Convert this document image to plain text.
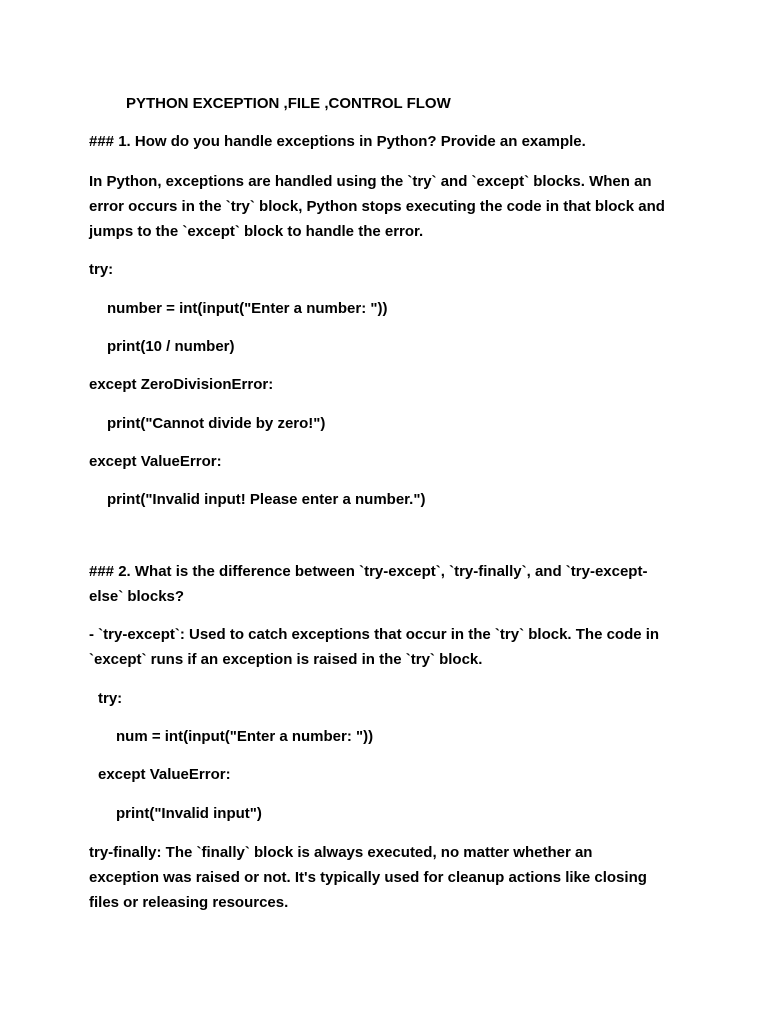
PYTHON EXCEPTION ,FILE ,CONTROL FLOW

### 1. How do you handle exceptions in Python? Provide an example.

In Python, exceptions are handled using the `try` and `except` blocks. When an

error occurs in the `try` block, Python stops executing the code in that block and

jumps to the `except` block to handle the error.

try:

number = int(input("Enter a number: "))

print(10 / number)

except ZeroDivisionError:

print("Cannot divide by zero!")

except ValueError:

print("Invalid input! Please enter a number.")

### 2. What is the difference between `try-except`, `try-finally`, and `try-except-

else` blocks?

- `try-except`: Used to catch exceptions that occur in the `try` block. The code in

`except` runs if an exception is raised in the `try` block.

try:

num = int(input("Enter a number: "))

except ValueError:

print("Invalid input")

try-finally: The `finally` block is always executed, no matter whether an

exception was raised or not. It's typically used for cleanup actions like closing

files or releasing resources.
